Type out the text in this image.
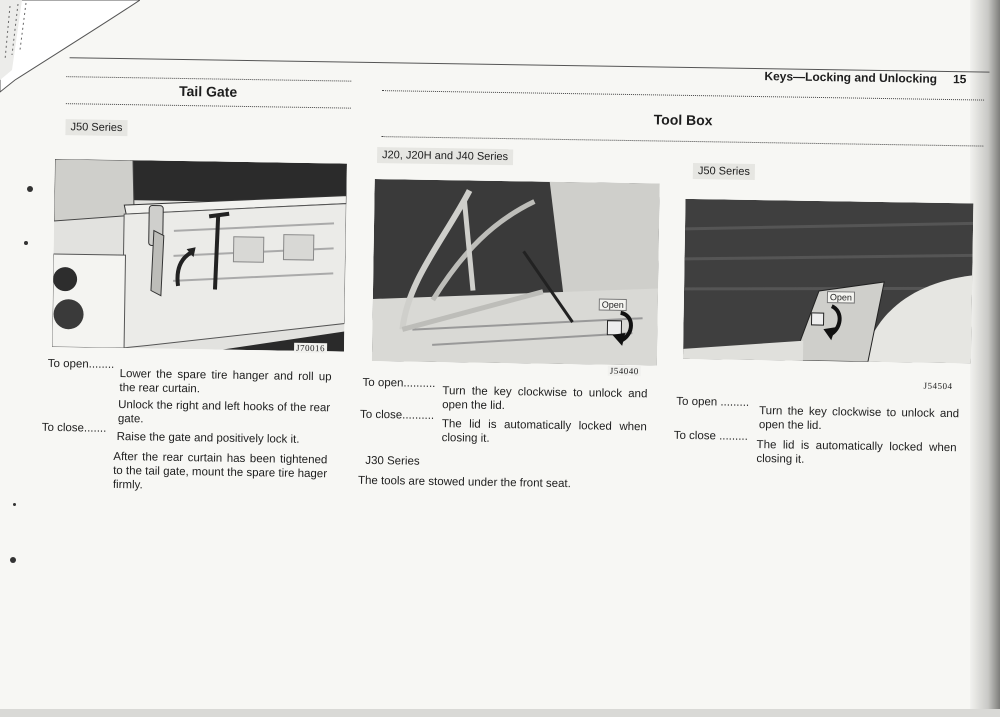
Keys—Locking and Unlocking 15
Tail Gate
J50 Series
J70016
To open........
Lower the spare tire hanger and roll up the rear curtain.
Unlock the right and left hooks of the rear gate.
To close.......
Raise the gate and positively lock it.
After the rear curtain has been tightened to the tail gate, mount the spare tire hager firmly.
Tool Box
J20, J20H and J40 Series
Open
J54040
To open..........
Turn the key clockwise to unlock and open the lid.
To close..........
The lid is automatically locked when closing it.
J30 Series
The tools are stowed under the front seat.
J50 Series
Open
J54504
To open .........
Turn the key clockwise to unlock and open the lid.
To close .........
The lid is automatically locked when closing it.
